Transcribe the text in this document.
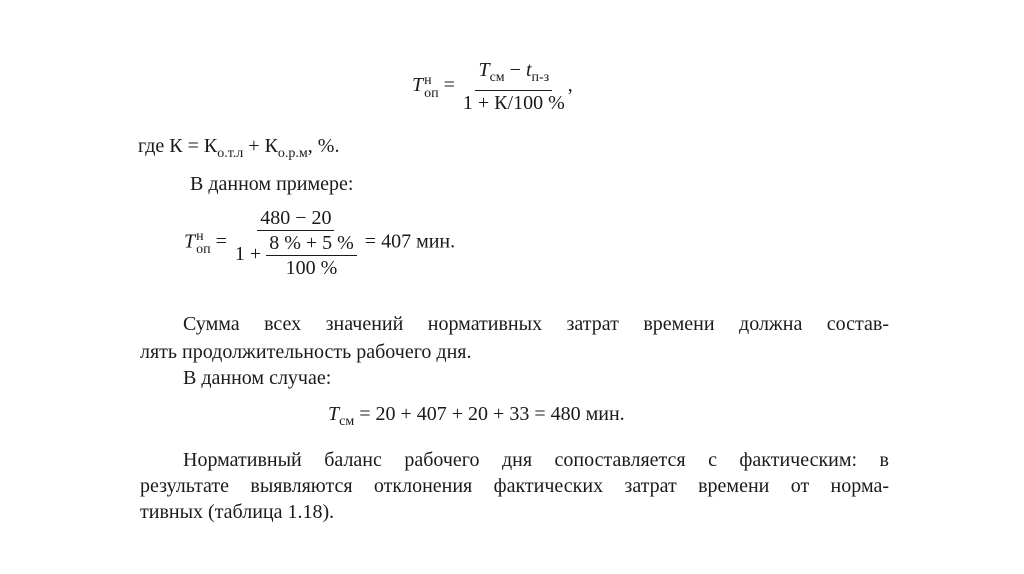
T н
оп = $\frac{T_{см} - t_{п-з}}{1 + К/100 \%}$ ,
где $К = К_{о.т.л} + К_{о.р.м}$, %.
В данном примере:
T н
оп = $\frac{480 - 20}{1 + \frac{8 \% + 5 \%}{100 \%}} = 407$ мин.
Сумма всех значений нормативных затрат времени должна состав-
лять продолжительность рабочего дня.
В данном случае:
$T_{см} = 20 + 407 + 20 + 33 = 480$ мин.
Нормативный баланс рабочего дня сопоставляется с фактическим: в
результате выявляются отклонения фактических затрат времени от норма-
тивных (таблица 1.18).
